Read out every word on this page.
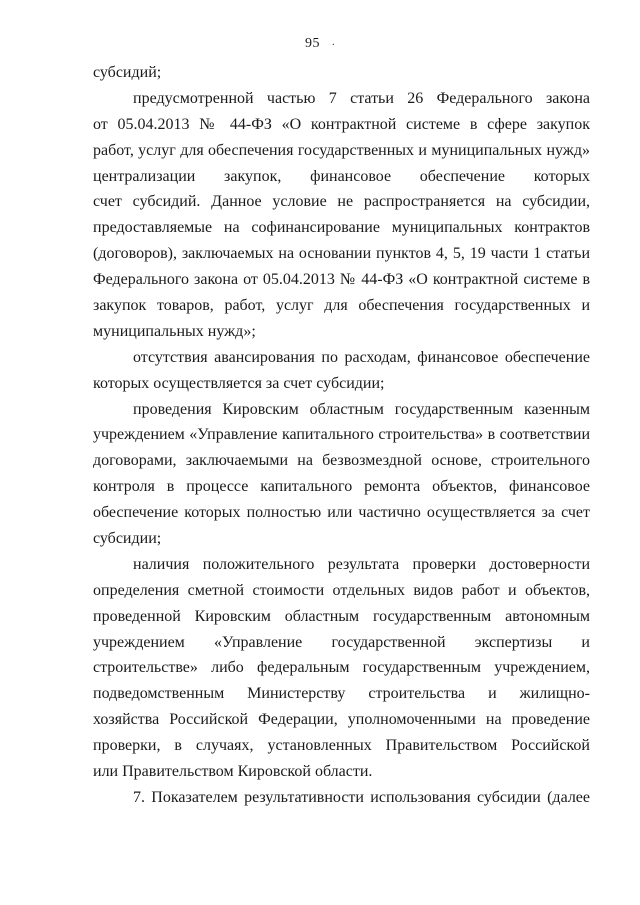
95 .
субсидий;
предусмотренной частью 7 статьи 26 Федерального закона
от 05.04.2013 № 44-ФЗ «О контрактной системе в сфере закупок
работ, услуг для обеспечения государственных и муниципальных нужд»
централизации закупок, финансовое обеспечение которых
счет субсидий. Данное условие не распространяется на субсидии,
предоставляемые на софинансирование муниципальных контрактов
(договоров), заключаемых на основании пунктов 4, 5, 19 части 1 статьи
Федерального закона от 05.04.2013 № 44-ФЗ «О контрактной системе в
закупок товаров, работ, услуг для обеспечения государственных и
муниципальных нужд»;
отсутствия авансирования по расходам, финансовое обеспечение
которых осуществляется за счет субсидии;
проведения Кировским областным государственным казенным
учреждением «Управление капитального строительства» в соответствии
договорами, заключаемыми на безвозмездной основе, строительного
контроля в процессе капитального ремонта объектов, финансовое
обеспечение которых полностью или частично осуществляется за счет
субсидии;
наличия положительного результата проверки достоверности
определения сметной стоимости отдельных видов работ и объектов,
проведенной Кировским областным государственным автономным
учреждением «Управление государственной экспертизы и
строительстве» либо федеральным государственным учреждением,
подведомственным Министерству строительства и жилищно-
хозяйства Российской Федерации, уполномоченными на проведение
проверки, в случаях, установленных Правительством Российской
или Правительством Кировской области.
7. Показателем результативности использования субсидии (далее
